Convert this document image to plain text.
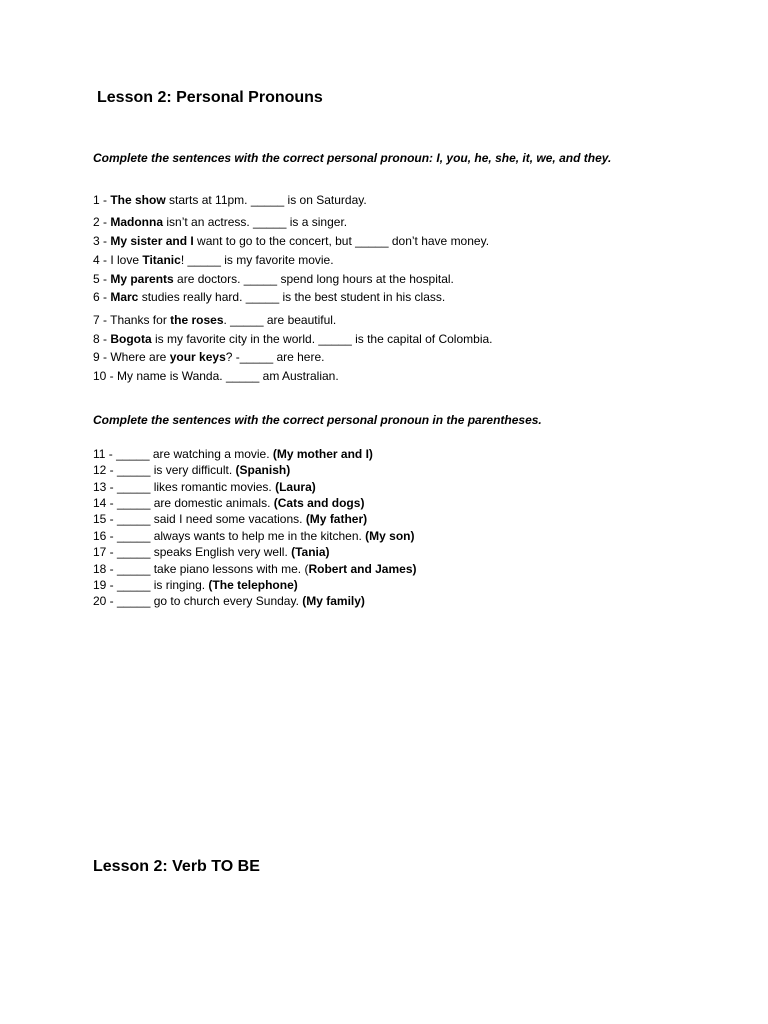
Lesson 2: Personal Pronouns

Complete the sentences with the correct personal pronoun: I, you, he, she, it, we, and they.

1 - The show starts at 11pm. _____ is on Saturday.
2 - Madonna isn’t an actress. _____ is a singer.
3 - My sister and I want to go to the concert, but _____ don’t have money.
4 - I love Titanic! _____ is my favorite movie.
5 - My parents are doctors. _____ spend long hours at the hospital.
6 - Marc studies really hard. _____ is the best student in his class.
7 - Thanks for the roses. _____ are beautiful.
8 - Bogota is my favorite city in the world. _____ is the capital of Colombia.
9 - Where are your keys? -_____ are here.
10 - My name is Wanda. _____ am Australian.

Complete the sentences with the correct personal pronoun in the parentheses.

11 - _____ are watching a movie. (My mother and I)
12 - _____ is very difficult. (Spanish)
13 - _____ likes romantic movies. (Laura)
14 - _____ are domestic animals. (Cats and dogs)
15 - _____ said I need some vacations. (My father)
16 - _____ always wants to help me in the kitchen. (My son)
17 - _____ speaks English very well. (Tania)
18 - _____ take piano lessons with me. (Robert and James)
19 - _____ is ringing. (The telephone)
20 - _____ go to church every Sunday. (My family)
Lesson 2: Verb TO BE
